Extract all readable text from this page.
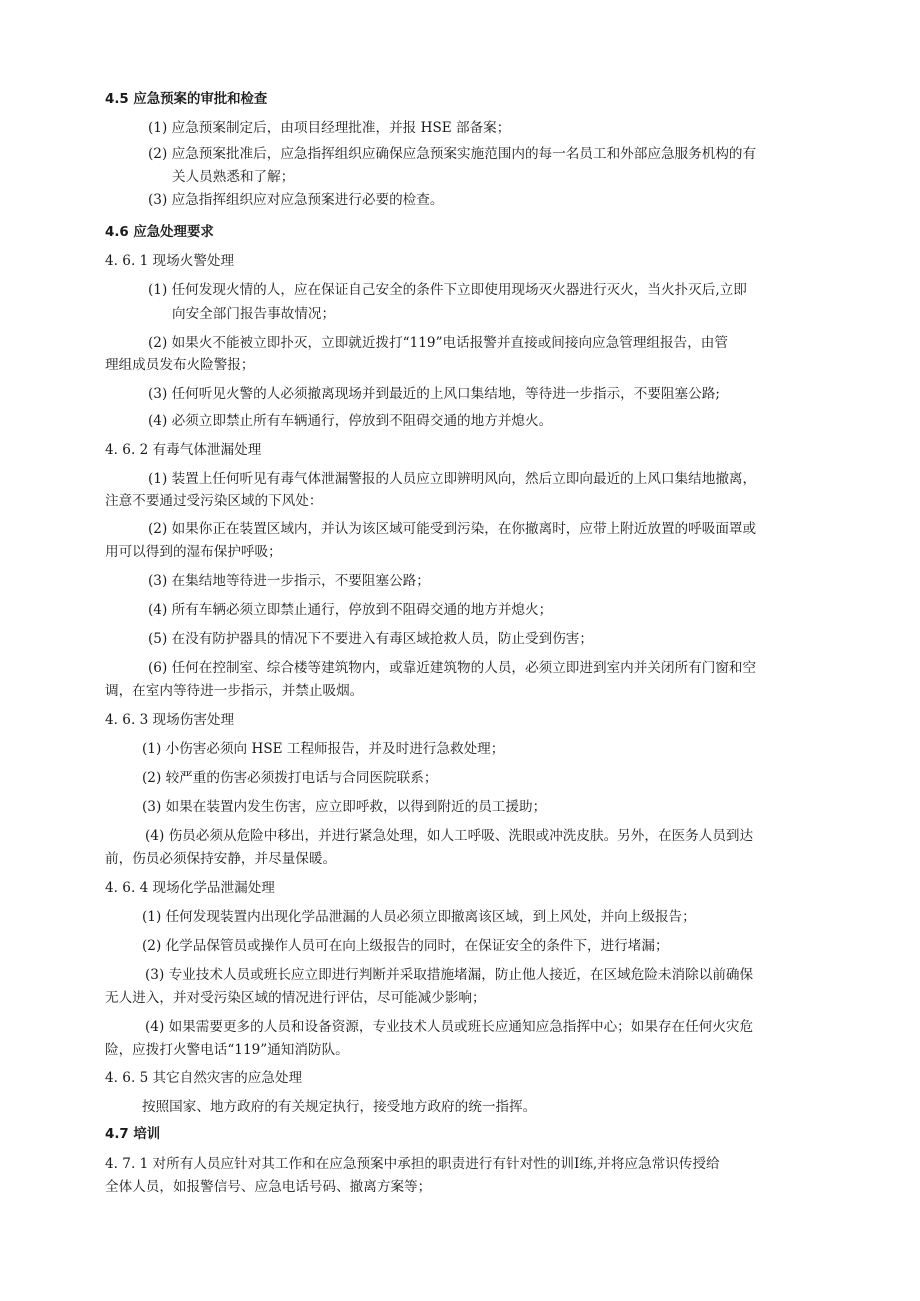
4.5 应急预案的审批和检查
(1) 应急预案制定后，由项目经理批准，并报 HSE 部备案；
(2) 应急预案批准后，应急指挥组织应确保应急预案实施范围内的每一名员工和外部应急服务机构的有
关人员熟悉和了解；
(3) 应急指挥组织应对应急预案进行必要的检查。
4.6 应急处理要求
4. 6. 1 现场火警处理
(1) 任何发现火情的人，应在保证自己安全的条件下立即使用现场灭火器进行灭火，当火扑灭后,立即
向安全部门报告事故情况；
(2) 如果火不能被立即扑灭，立即就近拨打“119”电话报警并直接或间接向应急管理组报告，由管
理组成员发布火险警报；
(3) 任何听见火警的人必须撤离现场并到最近的上风口集结地，等待进一步指示，不要阻塞公路;
(4) 必须立即禁止所有车辆通行，停放到不阻碍交通的地方并熄火。
4. 6. 2 有毒气体泄漏处理
(1) 装置上任何听见有毒气体泄漏警报的人员应立即辨明风向，然后立即向最近的上风口集结地撤离，
注意不要通过受污染区域的下风处：
(2) 如果你正在装置区域内，并认为该区域可能受到污染，在你撤离时，应带上附近放置的呼吸面罩或
用可以得到的湿布保护呼吸；
(3) 在集结地等待进一步指示，不要阻塞公路；
(4) 所有车辆必须立即禁止通行，停放到不阻碍交通的地方并熄火；
(5) 在没有防护器具的情况下不要进入有毒区域抢救人员，防止受到伤害；
(6) 任何在控制室、综合楼等建筑物内，或靠近建筑物的人员，必须立即进到室内并关闭所有门窗和空
调，在室内等待进一步指示，并禁止吸烟。
4. 6. 3 现场伤害处理
(1) 小伤害必须向 HSE 工程师报告，并及时进行急救处理；
(2) 较严重的伤害必须拨打电话与合同医院联系；
(3) 如果在装置内发生伤害，应立即呼救，以得到附近的员工援助；
(4) 伤员必须从危险中移出，并进行紧急处理，如人工呼吸、洗眼或冲洗皮肤。另外，在医务人员到达
前，伤员必须保持安静，并尽量保暖。
4. 6. 4 现场化学品泄漏处理
(1) 任何发现装置内出现化学品泄漏的人员必须立即撤离该区域，到上风处，并向上级报告；
(2) 化学品保管员或操作人员可在向上级报告的同时，在保证安全的条件下，进行堵漏；
(3) 专业技术人员或班长应立即进行判断并采取措施堵漏，防止他人接近，在区域危险未消除以前确保
无人进入，并对受污染区域的情况进行评估，尽可能减少影响；
(4) 如果需要更多的人员和设备资源，专业技术人员或班长应通知应急指挥中心；如果存在任何火灾危
险，应拨打火警电话“119”通知消防队。
4. 6. 5 其它自然灾害的应急处理
按照国家、地方政府的有关规定执行，接受地方政府的统一指挥。
4.7 培训
4. 7. 1 对所有人员应针对其工作和在应急预案中承担的职责进行有针对性的训Ⅰ练,并将应急常识传授给
全体人员，如报警信号、应急电话号码、撤离方案等；
